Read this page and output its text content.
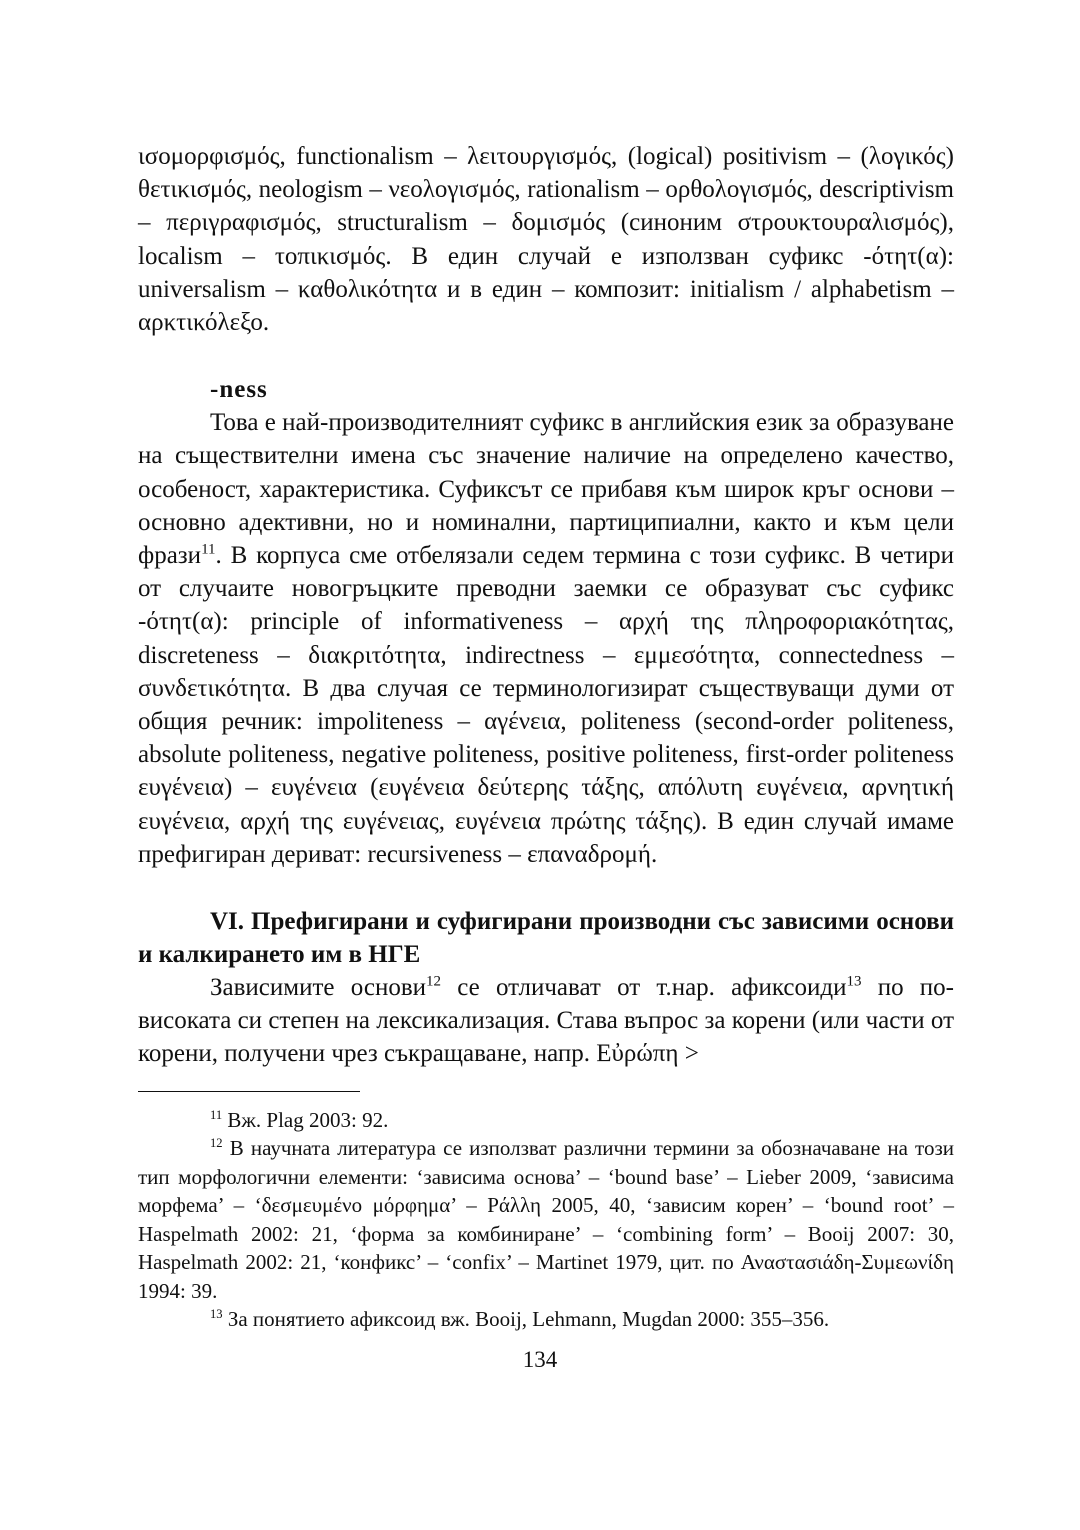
ισομορφισμός, functionalism – λειτουργισμός, (logical) positivism – (λογικός) θετικισμός, neologism – νεολογισμός, rationalism – ορθολογισμός, descriptivism – περιγραφισμός, structuralism – δομισμός (синоним στρουκτουραλισμός), localism – τοπικισμός. В един случай е използван суфикс -ότητ(α): universalism – καθολικότητα и в един – композит: initialism / alphabetism – αρκτικόλεξο.

-ness

Това е най-производителният суфикс в английския език за образуване на съществителни имена със значение наличие на определено качество, особеност, характеристика. Суфиксът се прибавя към широк кръг основи – основно адективни, но и номинални, партиципиални, както и към цели фрази$^{11}$. В корпуса сме отбелязали седем термина с този суфикс. В четири от случаите новогръцките преводни заемки се образуват със суфикс -ότητ(α): principle of informativeness – αρχή της πληροφοριακότητας, discreteness – διακριτότητα, indirectness – εμμεσότητα, connectedness – συνδετικότητα. В два случая се терминологизират съществуващи думи от общия речник: impoliteness – αγένεια, politeness (second-order politeness, absolute politeness, negative politeness, positive politeness, first-order politeness ευγένεια) – ευγένεια (ευγένεια δεύτερης τάξης, απόλυτη ευγένεια, αρνητική ευγένεια, αρχή της ευγένειας, ευγένεια πρώτης τάξης). В един случай имаме префигиран дериват: recursiveness – επαναδρομή.

VI. Префигирани и суфигирани производни със зависими основи и калкирането им в НГЕ

Зависимите основи$^{12}$ се отличават от т.нар. афиксоиди$^{13}$ по по-високата си степен на лексикализация. Става въпрос за корени (или части от корени, получени чрез съкращаване, напр. Εὐρώπη >

$^{11}$ Вж. Plag 2003: 92.

$^{12}$ В научната литература се използват различни термини за обозначаване на този тип морфологични елементи: ‘зависима основа’ – ‘bound base’ – Lieber 2009, ‘зависима морфема’ – ‘δεσμευμένο μόρφημα’ – Ράλλη 2005, 40, ‘зависим корен’ – ‘bound root’ – Haspelmath 2002: 21, ‘форма за комбиниране’ – ‘combining form’ – Booij 2007: 30, Haspelmath 2002: 21, ‘конфикс’ – ‘confix’ – Martinet 1979, цит. по Αναστασιάδη-Συμεωνίδη 1994: 39.

$^{13}$ За понятието афиксоид вж. Booij, Lehmann, Mugdan 2000: 355–356.

134
